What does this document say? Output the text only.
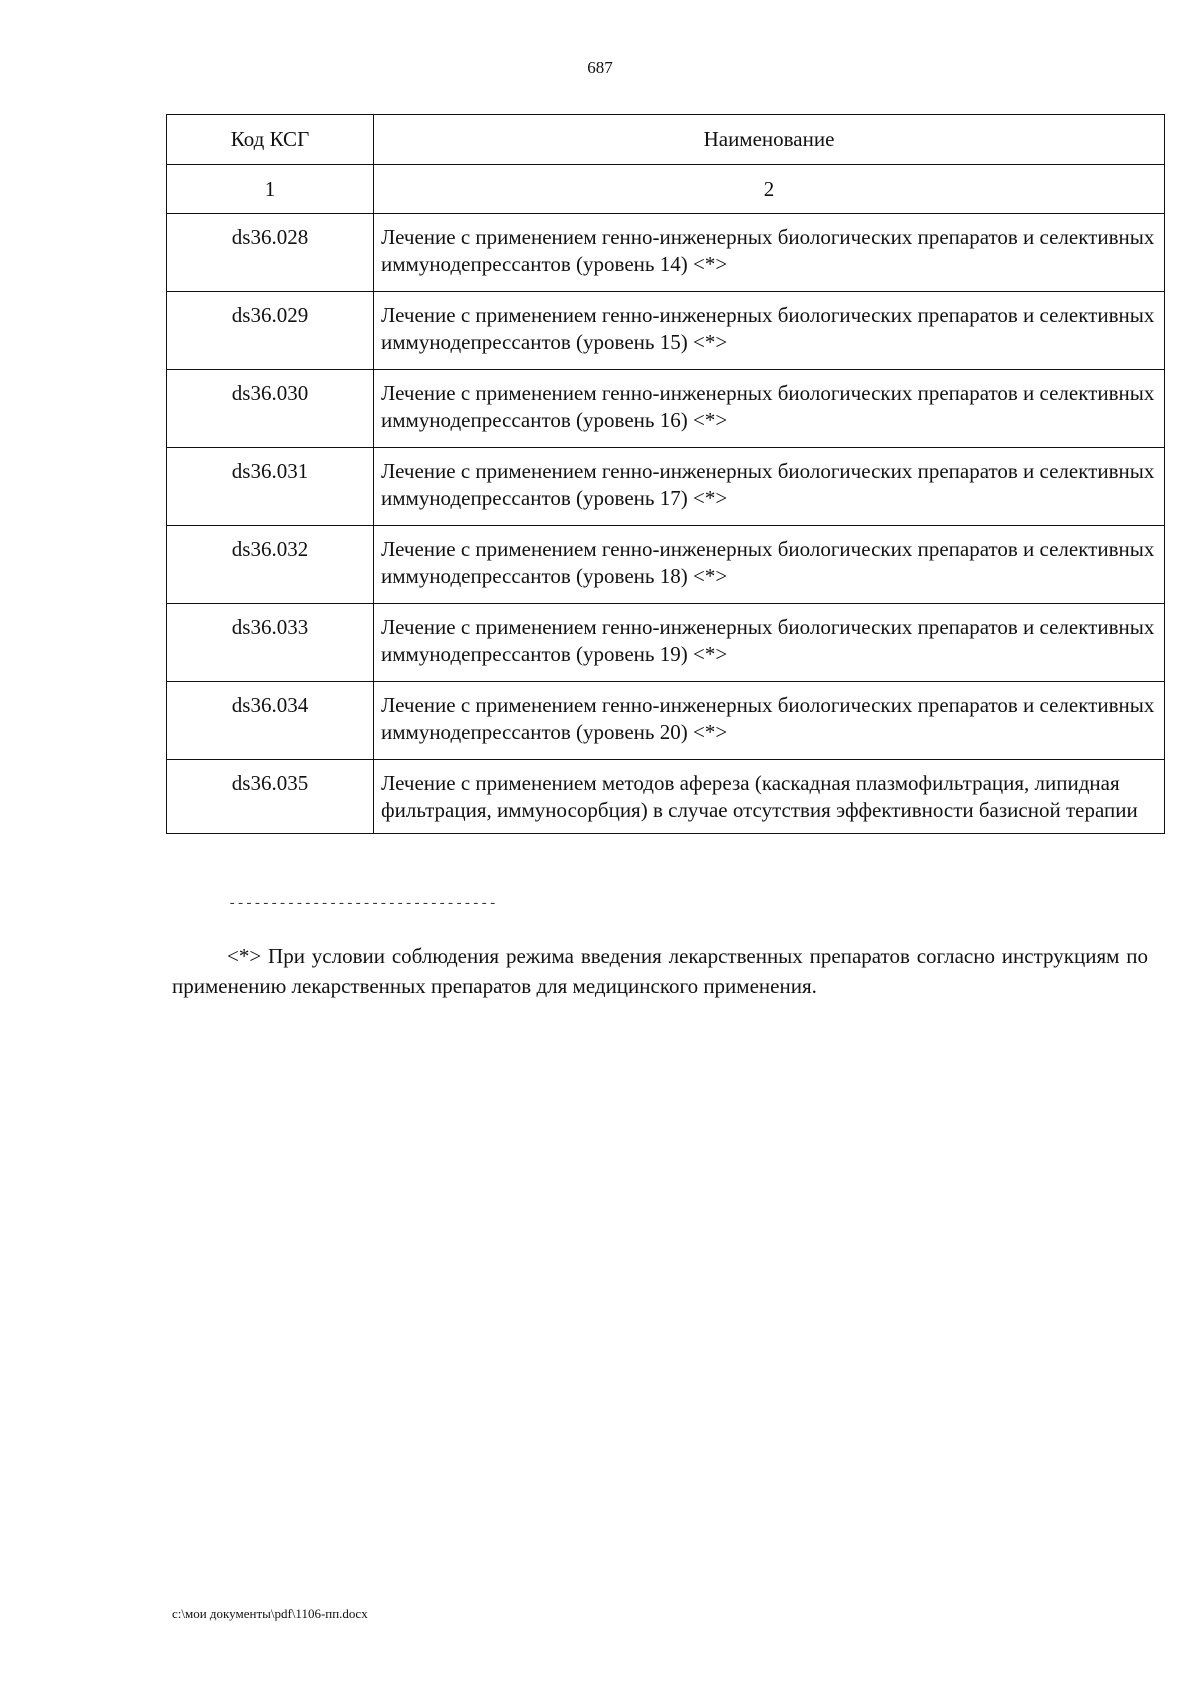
687
Код КСГ	Наименование
1	2
ds36.028	Лечение с применением генно-инженерных биологических препаратов и селективных иммунодепрессантов (уровень 14) <*>
ds36.029	Лечение с применением генно-инженерных биологических препаратов и селективных иммунодепрессантов (уровень 15) <*>
ds36.030	Лечение с применением генно-инженерных биологических препаратов и селективных иммунодепрессантов (уровень 16) <*>
ds36.031	Лечение с применением генно-инженерных биологических препаратов и селективных иммунодепрессантов (уровень 17) <*>
ds36.032	Лечение с применением генно-инженерных биологических препаратов и селективных иммунодепрессантов (уровень 18) <*>
ds36.033	Лечение с применением генно-инженерных биологических препаратов и селективных иммунодепрессантов (уровень 19) <*>
ds36.034	Лечение с применением генно-инженерных биологических препаратов и селективных иммунодепрессантов (уровень 20) <*>
ds36.035	Лечение с применением методов афереза (каскадная плазмофильтрация, липидная фильтрация, иммуносорбция) в случае отсутствия эффективности базисной терапии
--------------------------------
<*> При условии соблюдения режима введения лекарственных препаратов согласно инструкциям по применению лекарственных препаратов для медицинского применения.
c:\мои документы\pdf\1106-пп.docx
